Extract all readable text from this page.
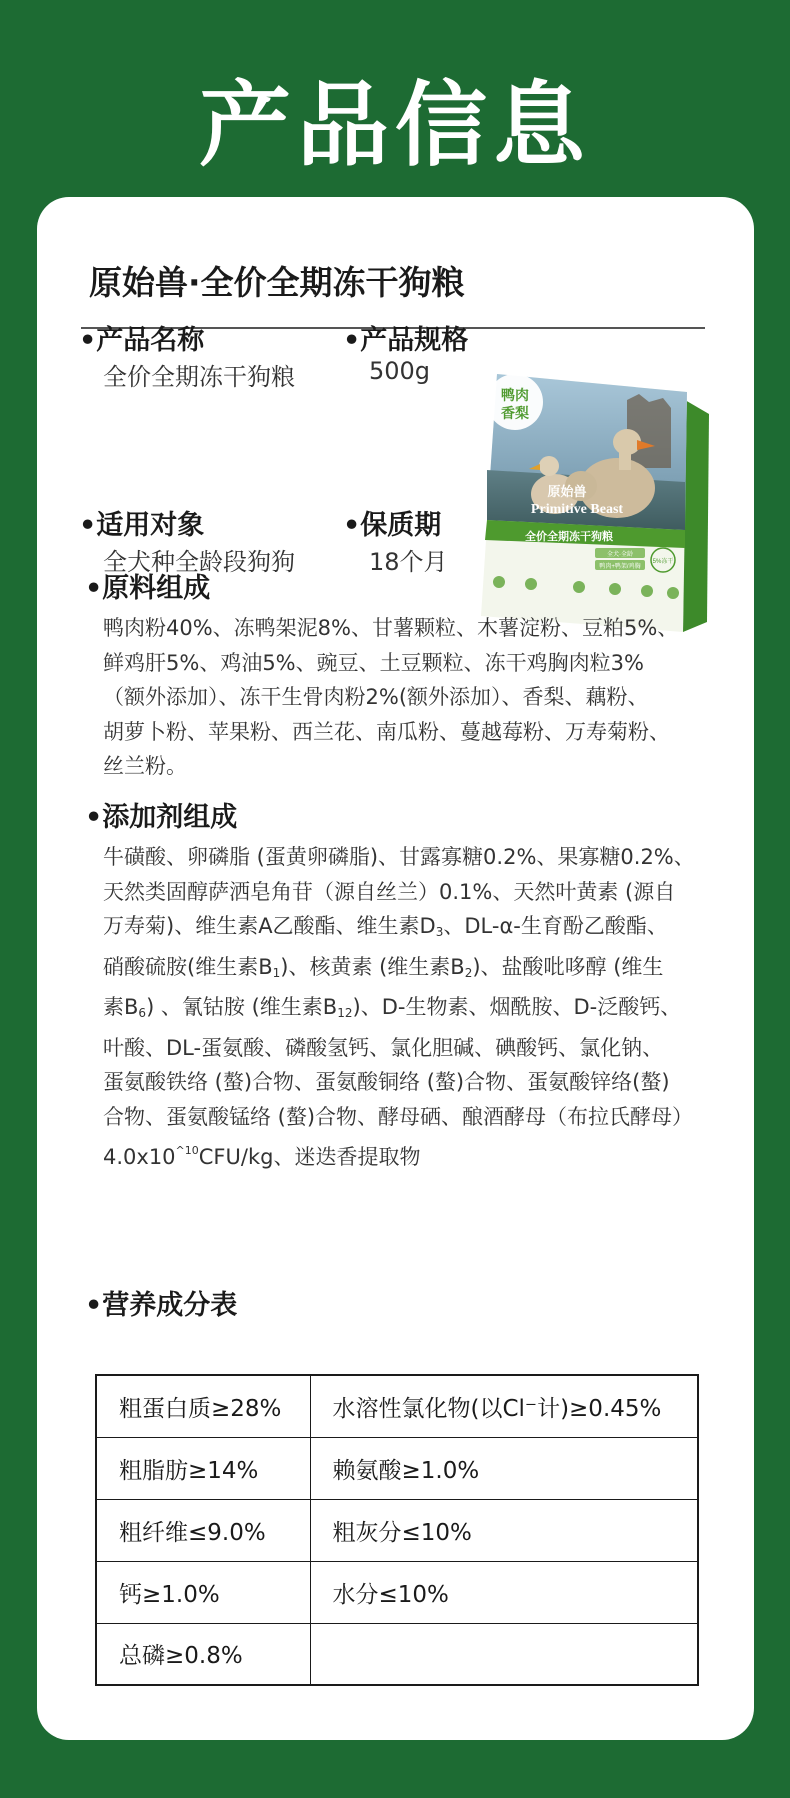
产品信息
原始兽·全价全期冻干狗粮
•产品名称
全价全期冻干狗粮
•产品规格
500g
•适用对象
全犬种全龄段狗狗
•保质期
18个月
鸭肉
香梨
原始兽
Primitive Beast
全价全期冻干狗粮
全犬·全龄
鸭肉+鸭架/鸡胸
5%冻干
•原料组成
鸭肉粉40%、冻鸭架泥8%、甘薯颗粒、木薯淀粉、豆粕5%、
鲜鸡肝5%、鸡油5%、豌豆、土豆颗粒、冻干鸡胸肉粒3%
（额外添加）、冻干生骨肉粉2%(额外添加）、香梨、藕粉、
胡萝卜粉、苹果粉、西兰花、南瓜粉、蔓越莓粉、万寿菊粉、
丝兰粉。
•添加剂组成
牛磺酸、卵磷脂 (蛋黄卵磷脂)、甘露寡糖0.2%、果寡糖0.2%、
天然类固醇萨洒皂角苷（源自丝兰）0.1%、天然叶黄素 (源自
万寿菊)、维生素A乙酸酯、维生素$D_3$、DL-α-生育酚乙酸酯、
硝酸硫胺(维生素$B_1$)、核黄素 (维生素$B_2$)、盐酸吡哆醇 (维生
素$B_6$) 、氰钴胺 (维生素$B_{12}$)、D-生物素、烟酰胺、D-泛酸钙、
叶酸、DL-蛋氨酸、磷酸氢钙、氯化胆碱、碘酸钙、氯化钠、
蛋氨酸铁络 (螯)合物、蛋氨酸铜络 (螯)合物、蛋氨酸锌络(螯)
合物、蛋氨酸锰络 (螯)合物、酵母硒、酿酒酵母（布拉氏酵母）
$4.0x10^{\^{}10}CFU/kg$、迷迭香提取物
•营养成分表
粗蛋白质≥28%	水溶性氯化物(以Cl⁻计)≥0.45%
粗脂肪≥14%	赖氨酸≥1.0%
粗纤维≤9.0%	粗灰分≤10%
钙≥1.0%	水分≤10%
总磷≥0.8%	
